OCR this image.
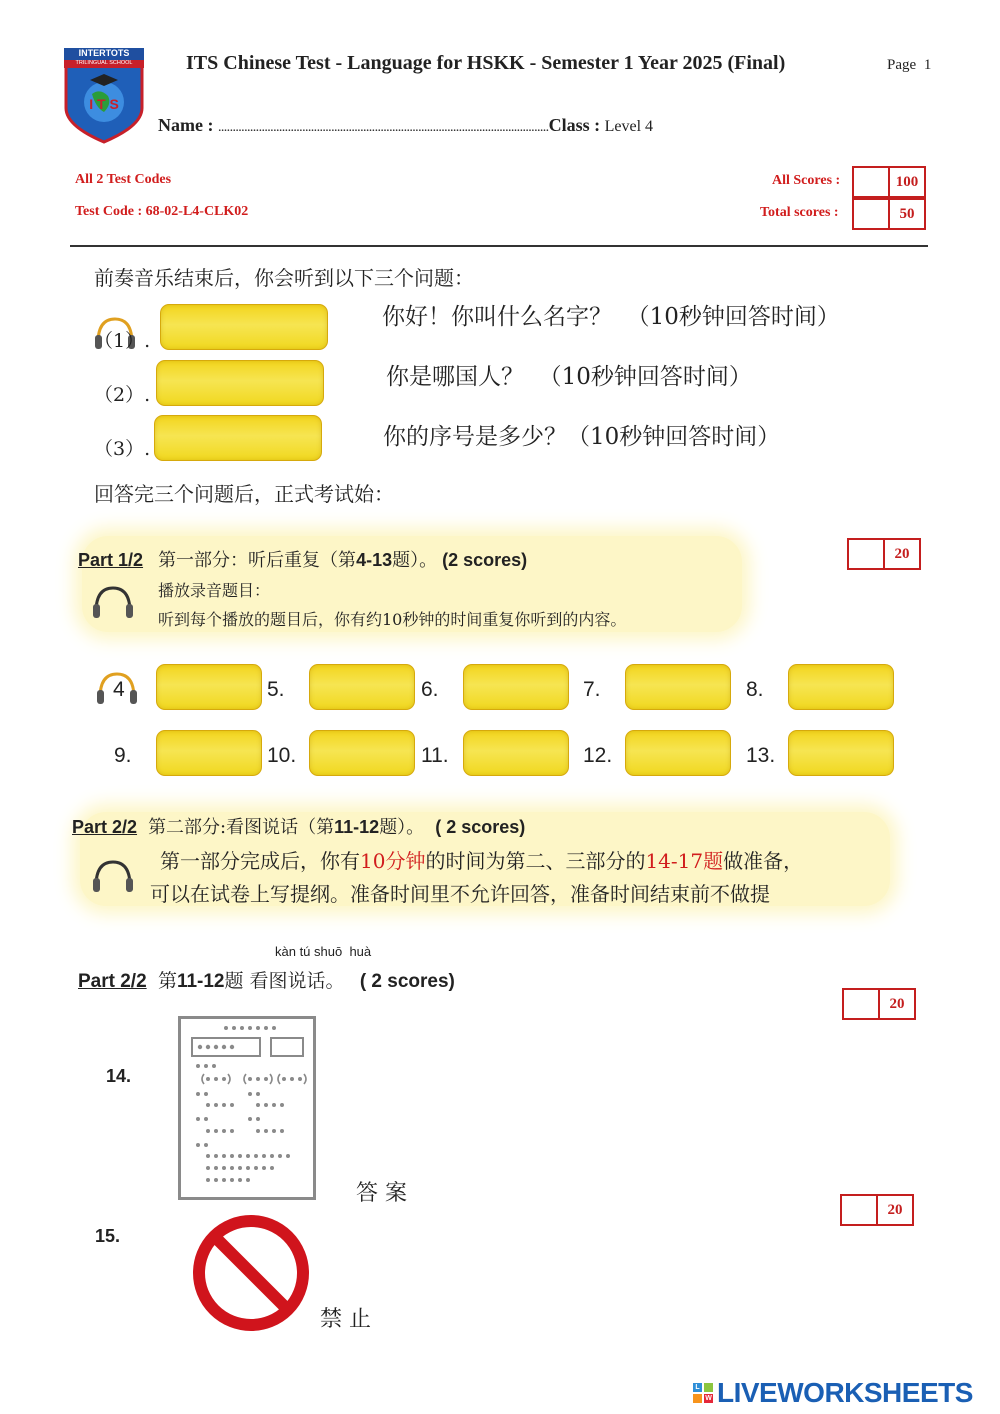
INTERTOTS
TRILINGUAL SCHOOL
I T S
ITS Chinese Test - Language for HSKK - Semester 1 Year 2025 (Final)	Page 1
Name : ..................................................................................................................Class : Level 4
All 2 Test Codes
Test Code : 68-02-L4-CLK02
All Scores :	100
Total scores :	50
前奏音乐结束后，你会听到以下三个问题：
（1）.
你好！你叫什么名字？  （10秒钟回答时间）
（2）.
你是哪国人？  （10秒钟回答时间）
（3）.	你的序号是多少？（10秒钟回答时间）
回答完三个问题后，正式考试始：
Part 1/2 第一部分：听后重复（第4-13题）。 (2 scores)
播放录音题目：
听到每个播放的题目后，你有约10秒钟的时间重复你听到的内容。
20
4	5.	6.	7.	8.
9.	10.	11.	12.	13.
Part 2/2 第二部分:看图说话（第11-12题）。 ( 2 scores)
第一部分完成后，你有10分钟的时间为第二、三部分的14-17题做准备，
可以在试卷上写提纲。准备时间里不允许回答，准备时间结束前不做提
kàn tú shuō  huà
Part 2/2 第11-12题 看图说话。 ( 2 scores)
20
14.
答 案
20
15.
禁 止
L
W LIVEWORKSHEETS
